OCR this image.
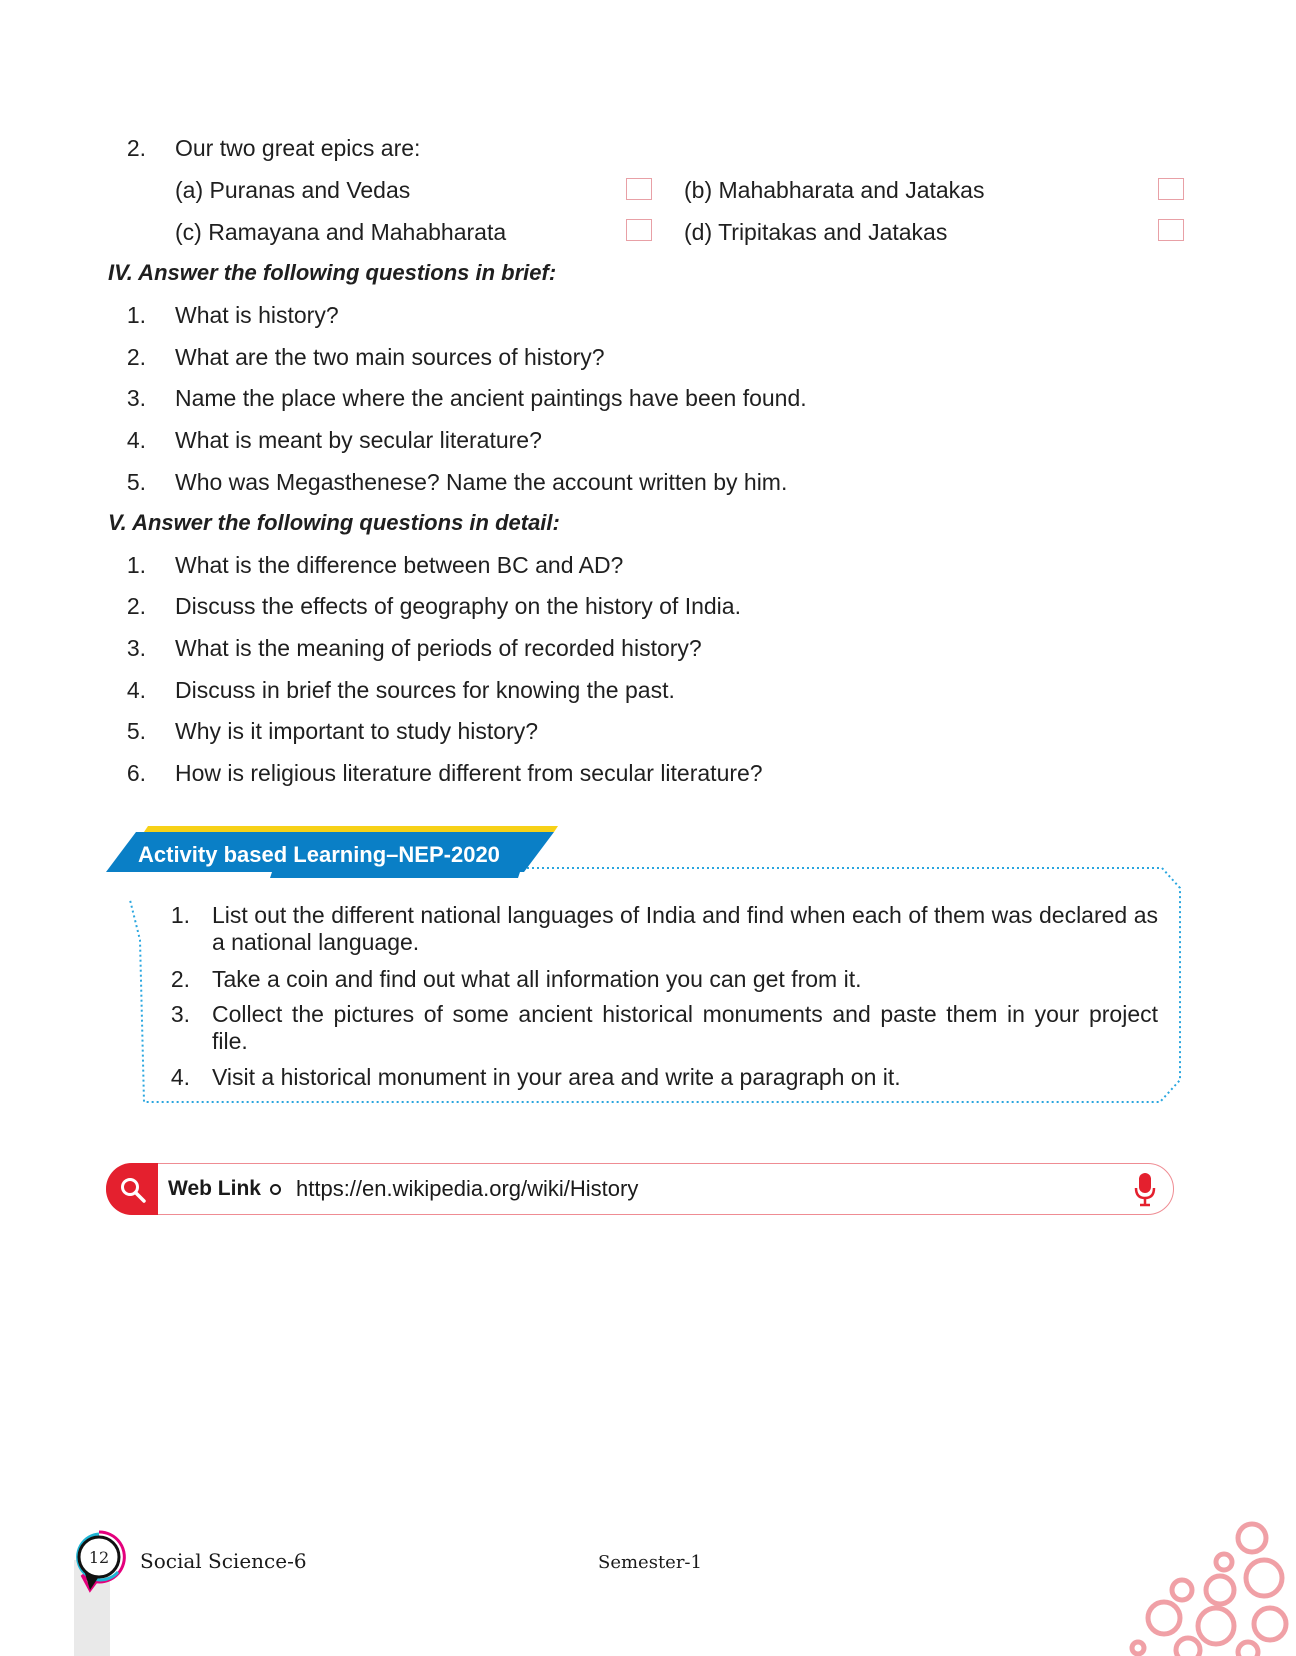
2. Our two great epics are:
(a) Puranas and Vedas	(b) Mahabharata and Jatakas
(c) Ramayana and Mahabharata	(d) Tripitakas and Jatakas
IV. Answer the following questions in brief:
1. What is history?
2. What are the two main sources of history?
3. Name the place where the ancient paintings have been found.
4. What is meant by secular literature?
5. Who was Megasthenese? Name the account written by him.
V. Answer the following questions in detail:
1. What is the difference between BC and AD?
2. Discuss the effects of geography on the history of India.
3. What is the meaning of periods of recorded history?
4. Discuss in brief the sources for knowing the past.
5. Why is it important to study history?
6. How is religious literature different from secular literature?
Activity based Learning–NEP-2020
1. List out the different national languages of India and find when each of them was declared as a national language.
2. Take a coin and find out what all information you can get from it.
3. Collect the pictures of some ancient historical monuments and paste them in your project file.
4. Visit a historical monument in your area and write a paragraph on it.
Web Link https://en.wikipedia.org/wiki/History
12	Social Science-6	Semester-1
